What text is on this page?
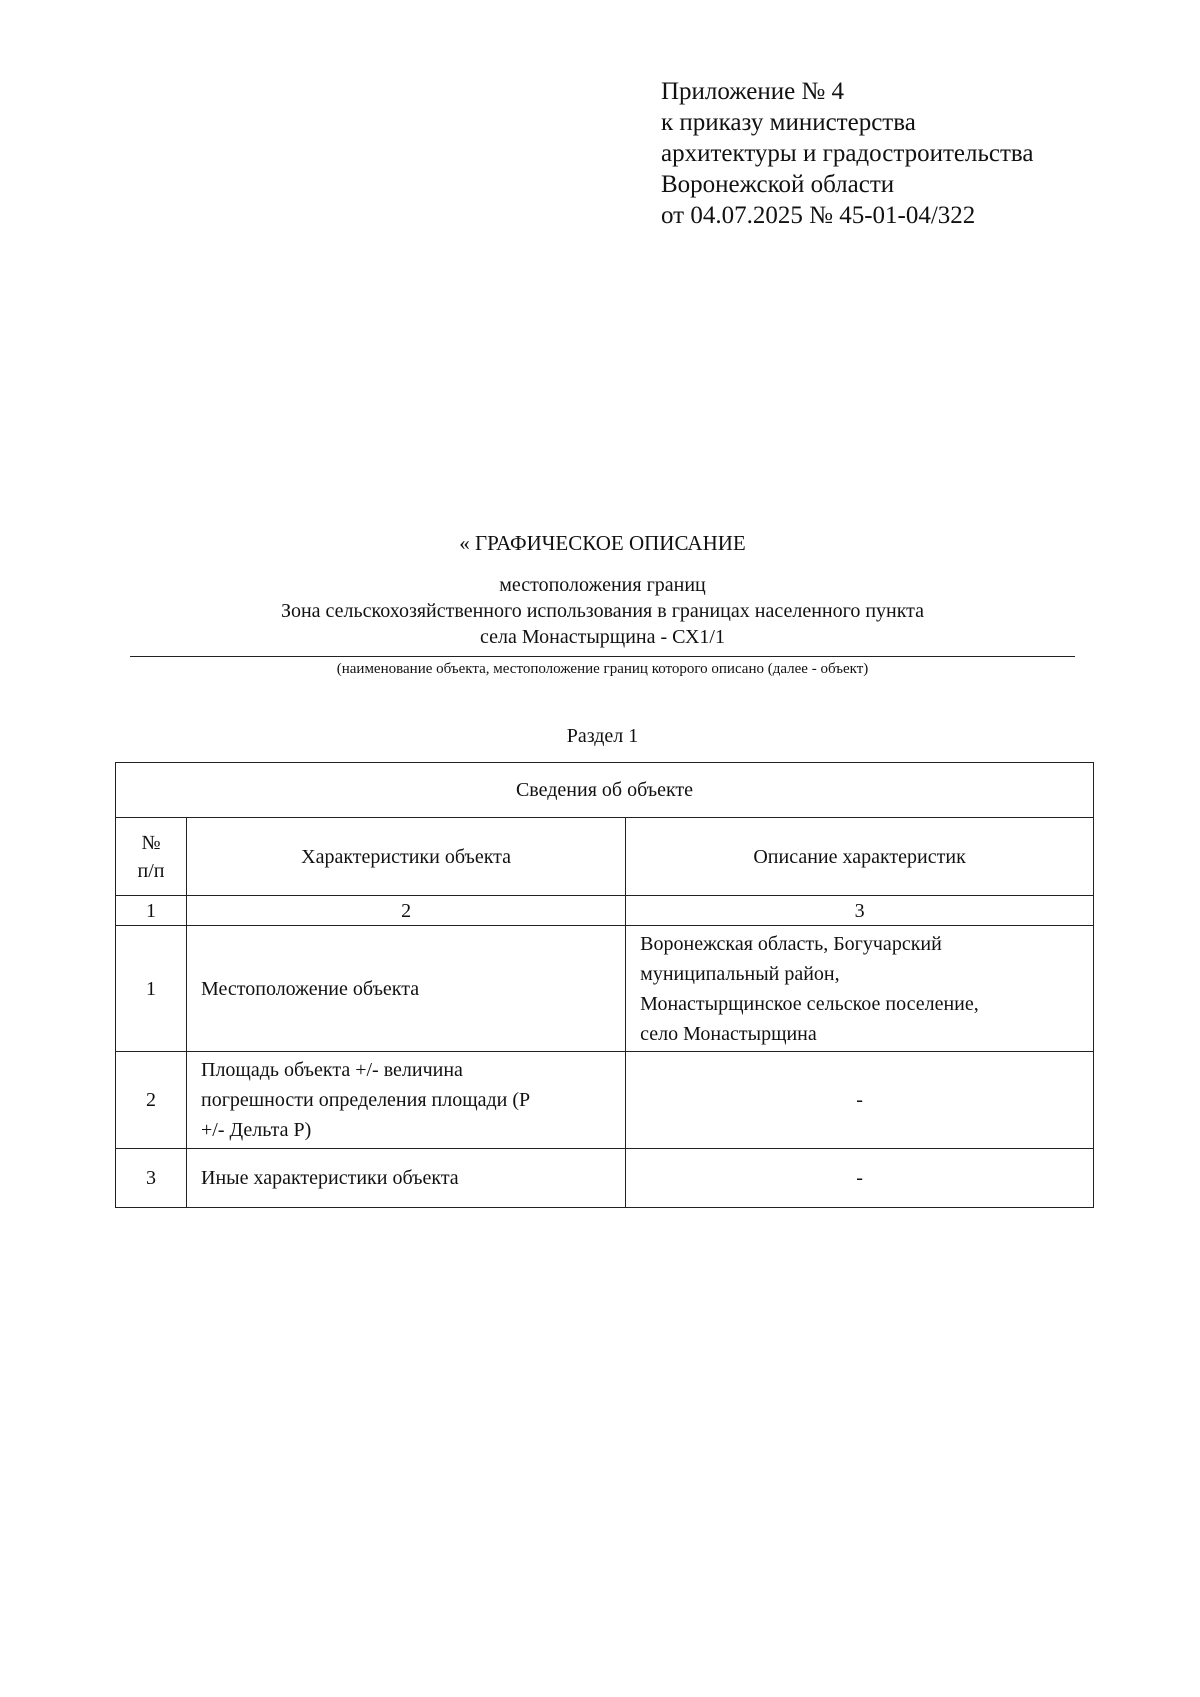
Приложение № 4
к приказу министерства
архитектуры и градостроительства
Воронежской области
от 04.07.2025 № 45-01-04/322
« ГРАФИЧЕСКОЕ ОПИСАНИЕ
местоположения границ
Зона сельскохозяйственного использования в границах населенного пункта
села Монастырщина - СХ1/1
(наименование объекта, местоположение границ которого описано (далее - объект)
Раздел 1
Сведения об объекте		

№
п/п	Характеристики объекта	Описание характеристик
1	2	3
1	Местоположение объекта	Воронежская область, Богучарский
муниципальный район,
Монастырщинское сельское поселение,
село Монастырщина

2	Площадь объекта +/- величина
погрешности определения площади (P
+/- Дельта P)	-

3	Иные характеристики объекта	-
